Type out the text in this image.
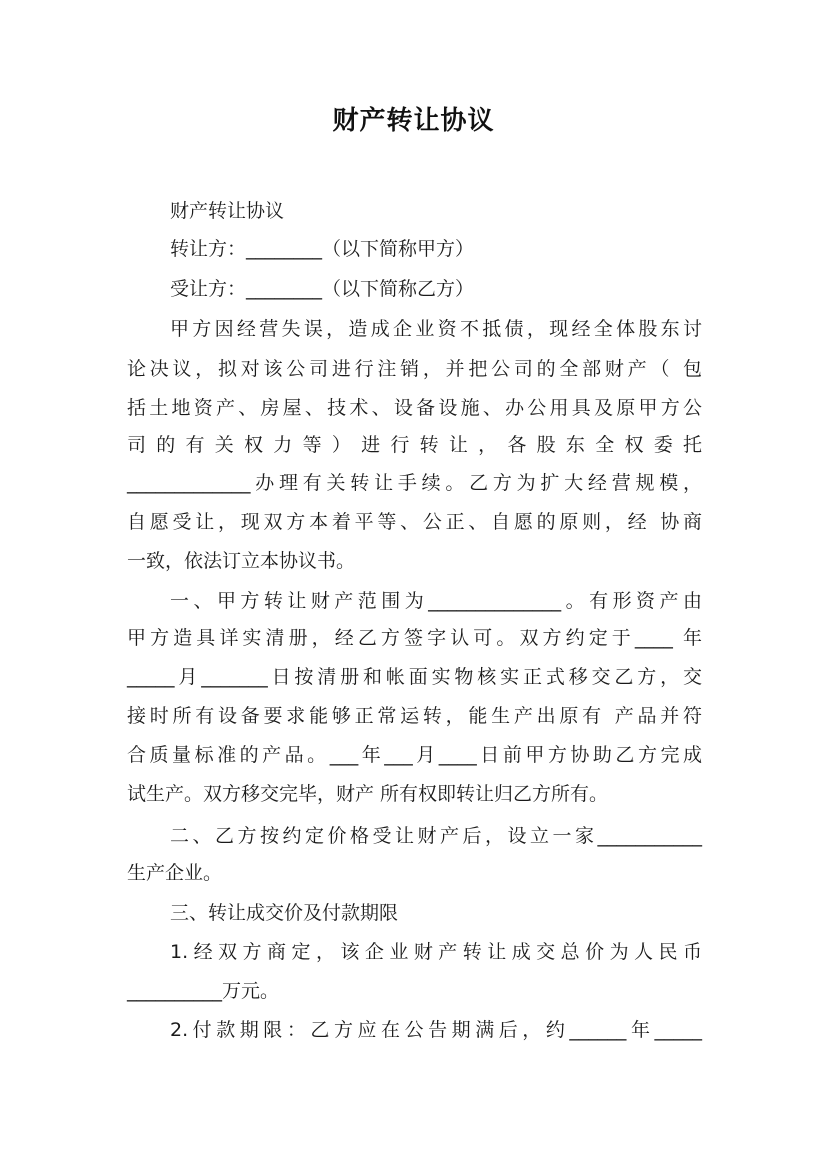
财产转让协议
财产转让协议
转让方：________（以下简称甲方）
受让方：________（以下简称乙方）
甲方因经营失误，造成企业资不抵债，现经全体股东讨
论决议，拟对该公司进行注销，并把公司的全部财产（ 包
括土地资产、房屋、技术、设备设施、办公用具及原甲方公
司的有关权力等）进行转让，各股东全权委托
_____________办理有关转让手续。乙方为扩大经营规模，
自愿受让，现双方本着平等、公正、自愿的原则，经 协商
一致，依法订立本协议书。
一、甲方转让财产范围为______________。有形资产由
甲方造具详实清册，经乙方签字认可。双方约定于____ 年
_____月_______日按清册和帐面实物核实正式移交乙方，交
接时所有设备要求能够正常运转，能生产出原有 产品并符
合质量标准的产品。___年___月____日前甲方协助乙方完成
试生产。双方移交完毕，财产 所有权即转让归乙方所有。
二、乙方按约定价格受让财产后，设立一家___________
生产企业。
三、转让成交价及付款期限
1.经双方商定，该企业财产转让成交总价为人民币
__________万元。
2.付款期限：乙方应在公告期满后，约______年_____
